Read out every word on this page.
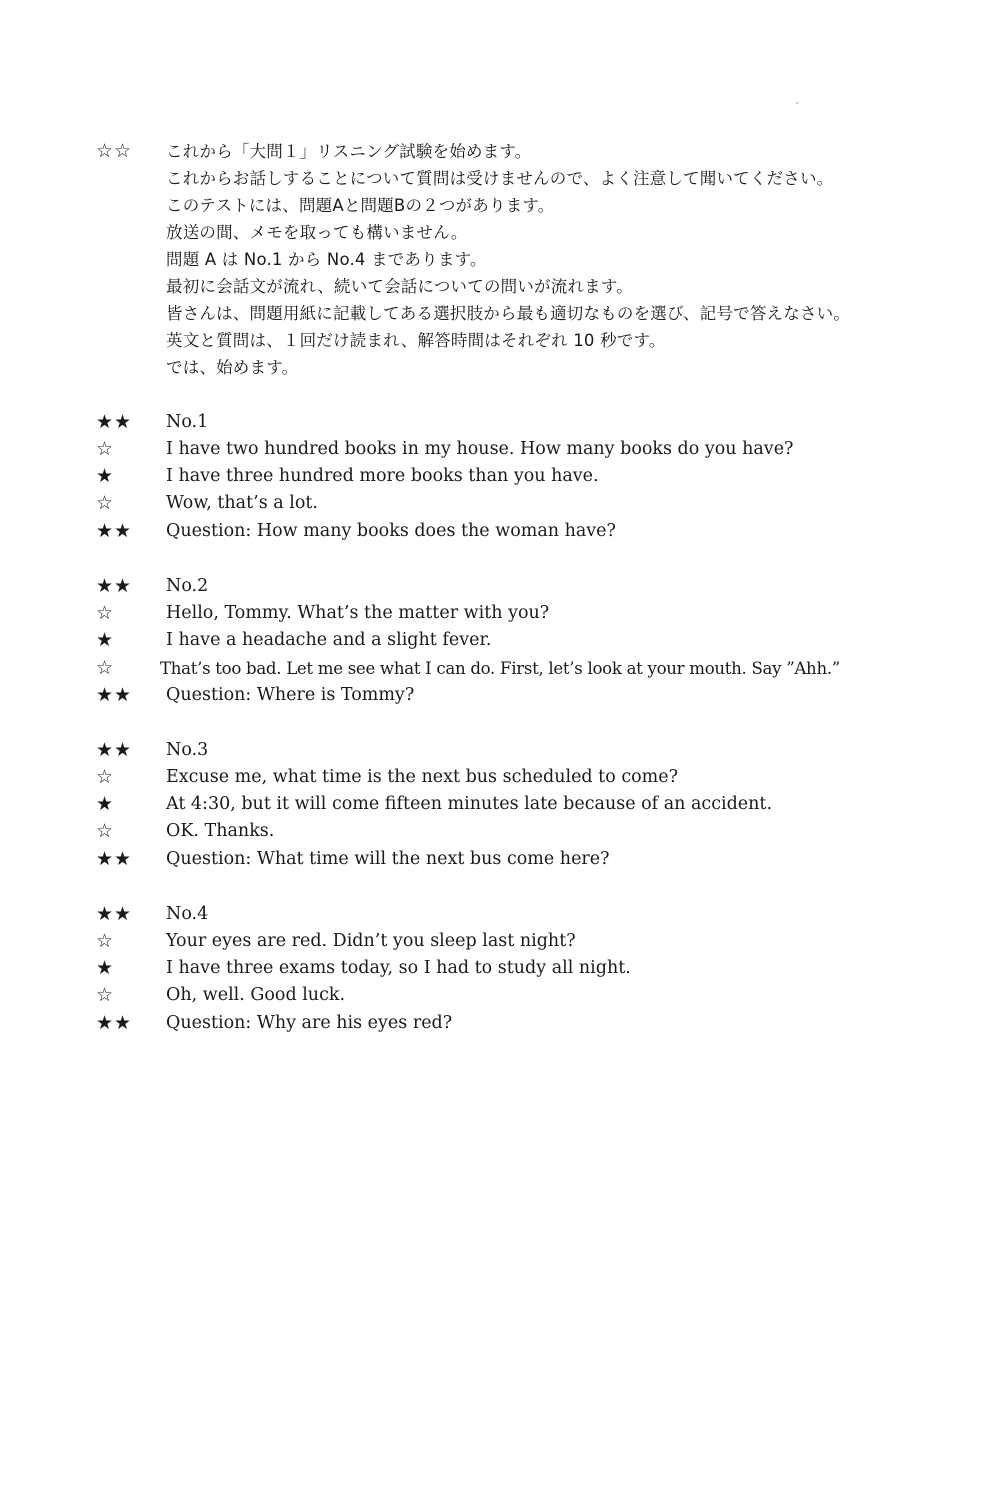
☆☆	これから「大問１」リスニング試験を始めます。
これからお話しすることについて質問は受けませんので、よく注意して聞いてください。
このテストには、問題Aと問題Bの２つがあります。
放送の間、メモを取っても構いません。
問題 A は No.1 から No.4 まであります。
最初に会話文が流れ、続いて会話についての問いが流れます。
皆さんは、問題用紙に記載してある選択肢から最も適切なものを選び、記号で答えなさい。
英文と質問は、１回だけ読まれ、解答時間はそれぞれ 10 秒です。
では、始めます。
★★	No.1
☆	I have two hundred books in my house. How many books do you have?
★	I have three hundred more books than you have.
☆	Wow, that’s a lot.
★★	Question: How many books does the woman have?
★★	No.2
☆	Hello, Tommy. What’s the matter with you?
★	I have a headache and a slight fever.
☆	That’s too bad. Let me see what I can do. First, let’s look at your mouth. Say ”Ahh.”
★★	Question: Where is Tommy?
★★	No.3
☆	Excuse me, what time is the next bus scheduled to come?
★	At 4:30, but it will come fifteen minutes late because of an accident.
☆	OK. Thanks.
★★	Question: What time will the next bus come here?
★★	No.4
☆	Your eyes are red. Didn’t you sleep last night?
★	I have three exams today, so I had to study all night.
☆	Oh, well. Good luck.
★★	Question: Why are his eyes red?
